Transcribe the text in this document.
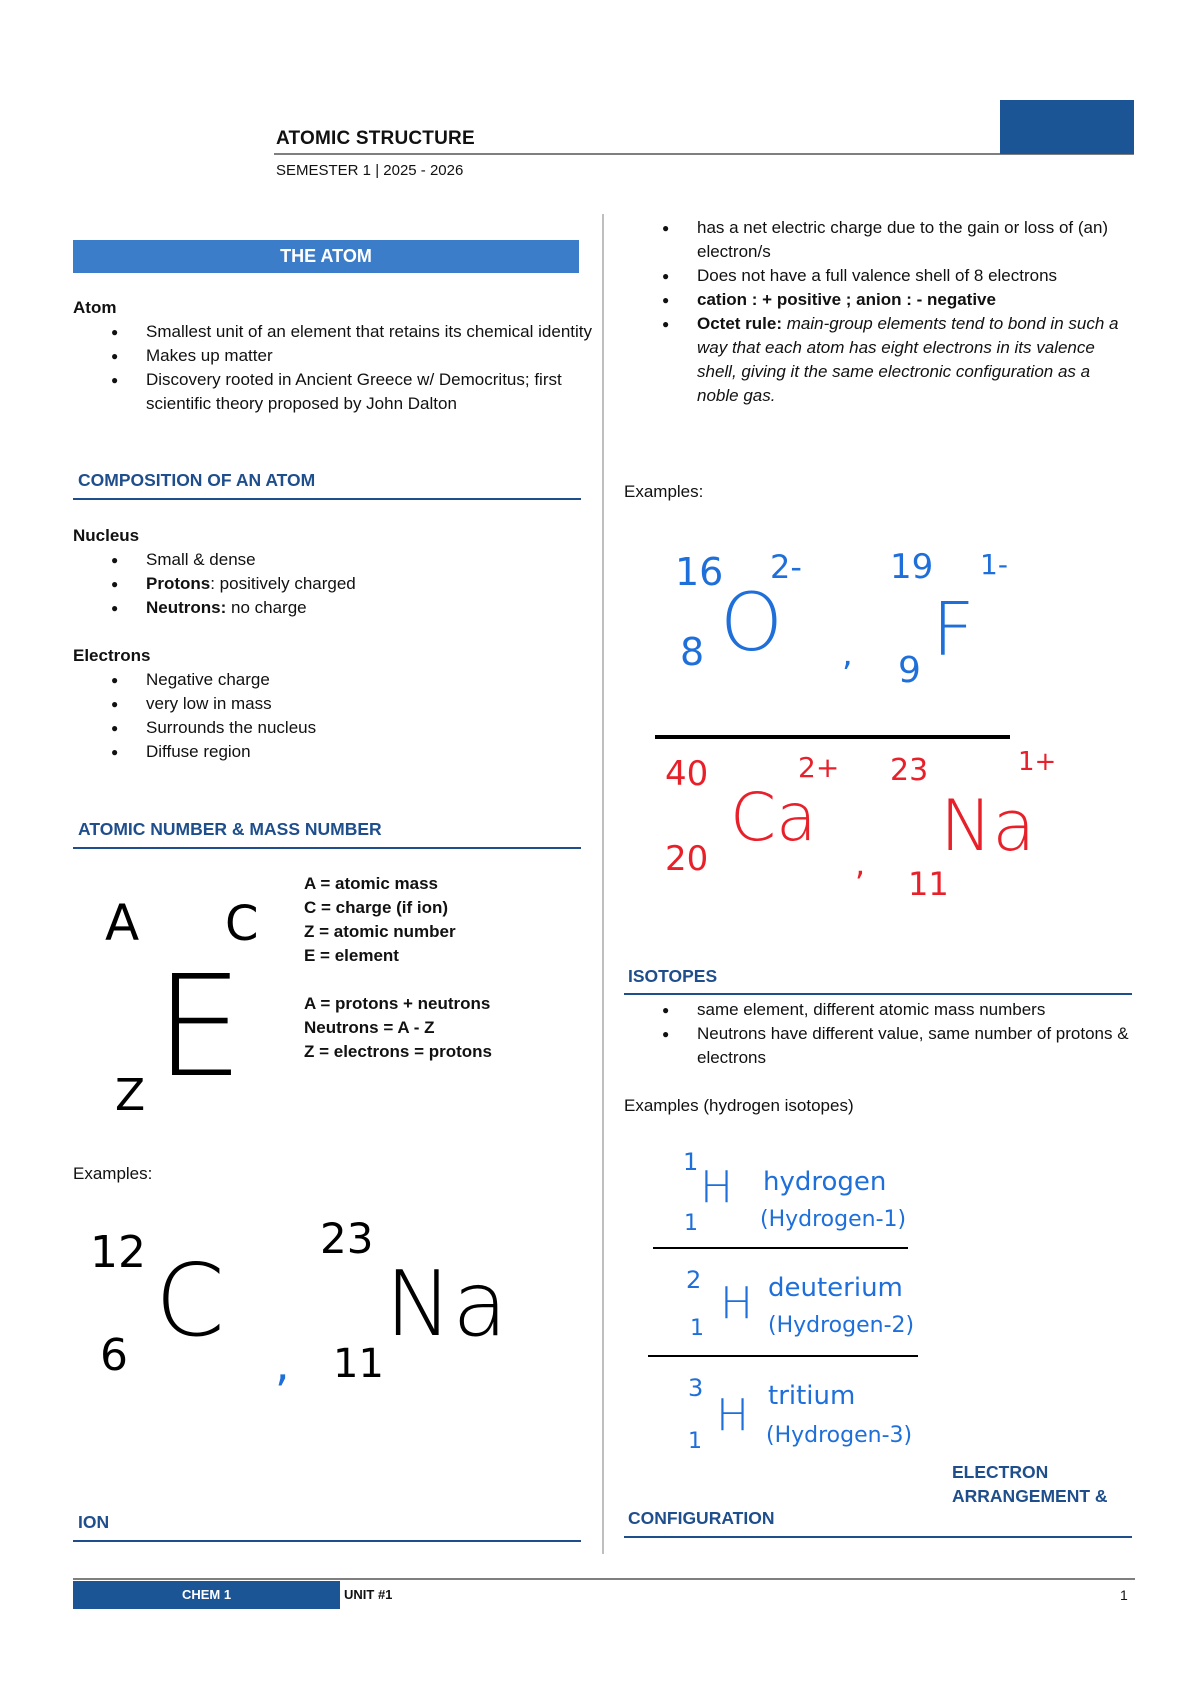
ATOMIC STRUCTURE
SEMESTER 1 | 2025 - 2026
THE ATOM
Atom
● Smallest unit of an element that retains its chemical identity
● Makes up matter
● Discovery rooted in Ancient Greece w/ Democritus; first scientific theory proposed by John Dalton
COMPOSITION OF AN ATOM
Nucleus
● Small & dense
● Protons: positively charged
● Neutrons: no charge
Electrons
● Negative charge
● very low in mass
● Surrounds the nucleus
● Diffuse region
ATOMIC NUMBER & MASS NUMBER
A C
E
Z
A = atomic mass
C = charge (if ion)
Z = atomic number
E = element
A = protons + neutrons
Neutrons = A - Z
Z = electrons = protons
Examples:
12 C
6	,
23
Na
11
ION
● has a net electric charge due to the gain or loss of (an) electron/s
● Does not have a full valence shell of 8 electrons
● cation : + positive ; anion : - negative
● Octet rule: main-group elements tend to bond in such a way that each atom has eight electrons in its valence shell, giving it the same electronic configuration as a noble gas.
Examples:
16
O
2-
8	,
19
F
1-
9
40
Ca
2+
20	,
23
Na
1+
11
ISOTOPES
● same element, different atomic mass numbers
● Neutrons have different value, same number of protons & electrons
Examples (hydrogen isotopes)
1 H
1
hydrogen
(Hydrogen-1)
2 H
1
deuterium
(Hydrogen-2)
3
H
1
tritium
(Hydrogen-3)
ELECTRON
ARRANGEMENT &
CONFIGURATION
CHEM 1	UNIT #1	1
